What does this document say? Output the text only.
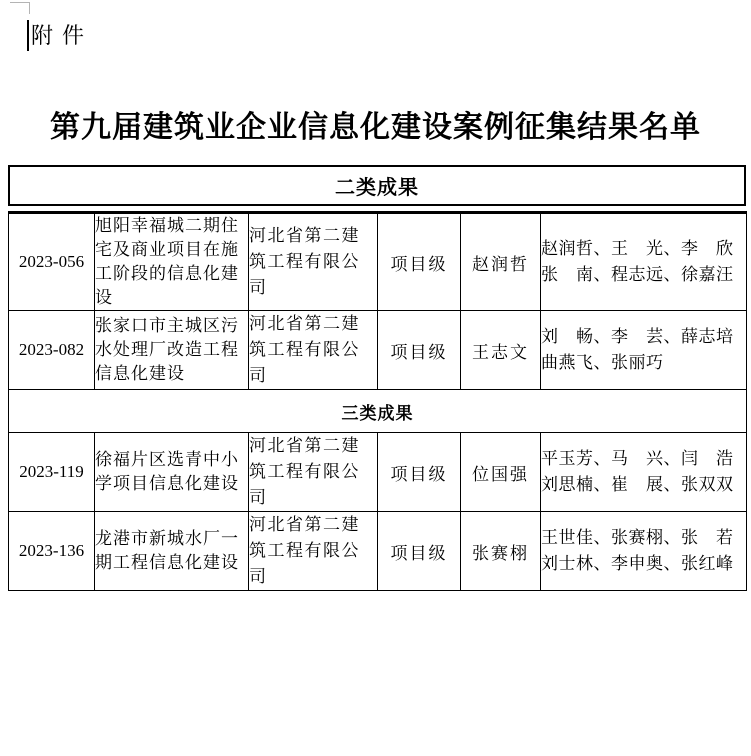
附件
第九届建筑业企业信息化建设案例征集结果名单
二类成果
2023-056	旭阳幸福城二期住宅及商业项目在施工阶段的信息化建设	河北省第二建筑工程有限公司	项目级	赵润哲	赵润哲、王　光、李　欣
张　南、程志远、徐嘉汪

2023-082	张家口市主城区污水处理厂改造工程信息化建设	河北省第二建筑工程有限公司	项目级	王志文	刘　畅、李　芸、薛志培
曲燕飞、张丽巧

三类成果					
2023-119	徐福片区选青中小学项目信息化建设	河北省第二建筑工程有限公司	项目级	位国强	平玉芳、马　兴、闫　浩
刘思楠、崔　展、张双双

2023-136	龙港市新城水厂一期工程信息化建设	河北省第二建筑工程有限公司	项目级	张赛栩	王世佳、张赛栩、张　若
刘士林、李申奥、张红峰
